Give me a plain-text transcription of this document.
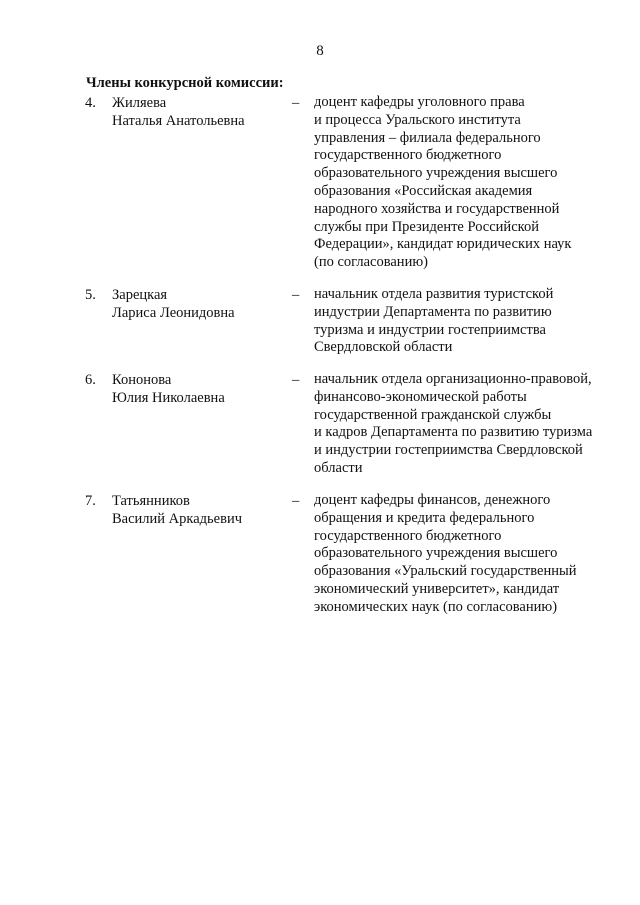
8
Члены конкурсной комиссии:
4. Жиляева
Наталья Анатольевна
– доцент кафедры уголовного права
и процесса Уральского института
управления – филиала федерального
государственного бюджетного
образовательного учреждения высшего
образования «Российская академия
народного хозяйства и государственной
службы при Президенте Российской
Федерации», кандидат юридических наук
(по согласованию)
5. Зарецкая
Лариса Леонидовна
– начальник отдела развития туристской
индустрии Департамента по развитию
туризма и индустрии гостеприимства
Свердловской области
6. Кононова
Юлия Николаевна
– начальник отдела организационно-правовой,
финансово-экономической работы
государственной гражданской службы
и кадров Департамента по развитию туризма
и индустрии гостеприимства Свердловской
области
7. Татьянников
Василий Аркадьевич
– доцент кафедры финансов, денежного
обращения и кредита федерального
государственного бюджетного
образовательного учреждения высшего
образования «Уральский государственный
экономический университет», кандидат
экономических наук (по согласованию)
